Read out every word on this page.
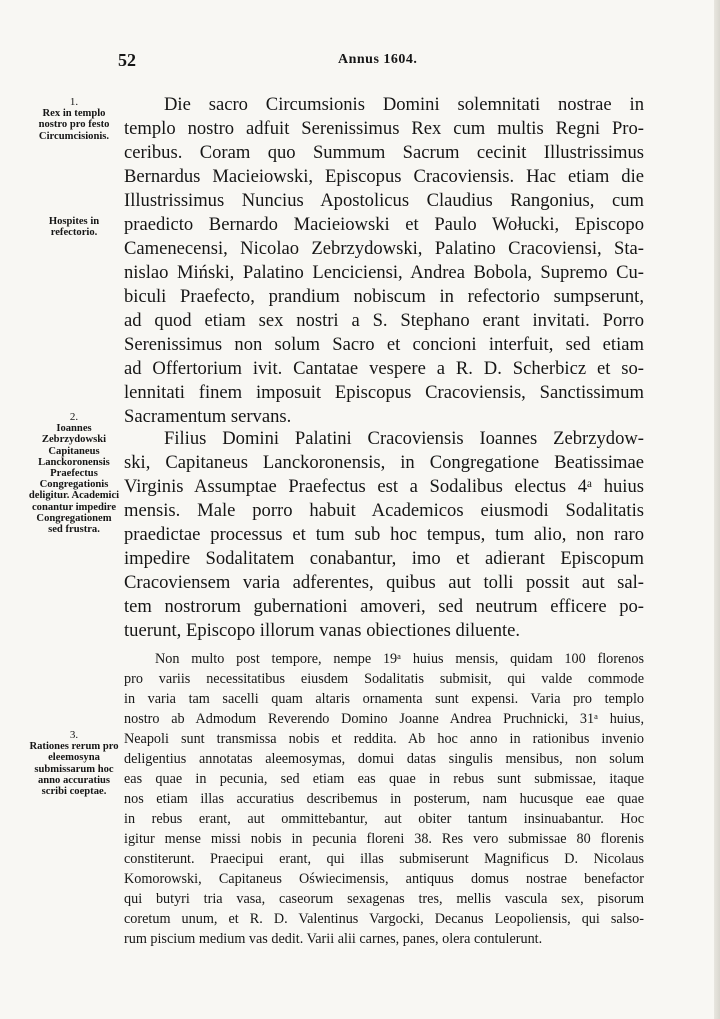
52	Annus 1604.
1.
Rex in templo nostro pro festo Circumcisionis.
Hospites in refectorio.
2.
Ioannes Zebrzydowski Capitaneus Lanckoronensis Praefectus Congregationis deligitur. Academici conantur impedire Congregationem sed frustra.
3.
Rationes rerum pro eleemosyna submissarum hoc anno accuratius scribi coeptae.
Die sacro Circumsionis Domini solemnitati nostrae in
templo nostro adfuit Serenissimus Rex cum multis Regni Pro-
ceribus. Coram quo Summum Sacrum cecinit Illustrissimus
Bernardus Macieiowski, Episcopus Cracoviensis. Hac etiam die
Illustrissimus Nuncius Apostolicus Claudius Rangonius, cum
praedicto Bernardo Macieiowski et Paulo Wołucki, Episcopo
Camenecensi, Nicolao Zebrzydowski, Palatino Cracoviensi, Sta-
nislao Miński, Palatino Lenciciensi, Andrea Bobola, Supremo Cu-
biculi Praefecto, prandium nobiscum in refectorio sumpserunt,
ad quod etiam sex nostri a S. Stephano erant invitati. Porro
Serenissimus non solum Sacro et concioni interfuit, sed etiam
ad Offertorium ivit. Cantatae vespere a R. D. Scherbicz et so-
lennitati finem imposuit Episcopus Cracoviensis, Sanctissimum
Sacramentum servans.
Filius Domini Palatini Cracoviensis Ioannes Zebrzydow-
ski, Capitaneus Lanckoronensis, in Congregatione Beatissimae
Virginis Assumptae Praefectus est a Sodalibus electus 4ᵃ huius
mensis. Male porro habuit Academicos eiusmodi Sodalitatis
praedictae processus et tum sub hoc tempus, tum alio, non raro
impedire Sodalitatem conabantur, imo et adierant Episcopum
Cracoviensem varia adferentes, quibus aut tolli possit aut sal-
tem nostrorum gubernationi amoveri, sed neutrum efficere po-
tuerunt, Episcopo illorum vanas obiectiones diluente.
Non multo post tempore, nempe 19ᵃ huius mensis, quidam 100 florenos
pro variis necessitatibus eiusdem Sodalitatis submisit, qui valde commode
in varia tam sacelli quam altaris ornamenta sunt expensi. Varia pro templo
nostro ab Admodum Reverendo Domino Joanne Andrea Pruchnicki, 31ᵃ huius,
Neapoli sunt transmissa nobis et reddita. Ab hoc anno in rationibus invenio
deligentius annotatas aleemosymas, domui datas singulis mensibus, non solum
eas quae in pecunia, sed etiam eas quae in rebus sunt submissae, itaque
nos etiam illas accuratius describemus in posterum, nam hucusque eae quae
in rebus erant, aut ommittebantur, aut obiter tantum insinuabantur. Hoc
igitur mense missi nobis in pecunia floreni 38. Res vero submissae 80 florenis
constiterunt. Praecipui erant, qui illas submiserunt Magnificus D. Nicolaus
Komorowski, Capitaneus Oświecimensis, antiquus domus nostrae benefactor
qui butyri tria vasa, caseorum sexagenas tres, mellis vascula sex, pisorum
coretum unum, et R. D. Valentinus Vargocki, Decanus Leopoliensis, qui salso-
rum piscium medium vas dedit. Varii alii carnes, panes, olera contulerunt.
